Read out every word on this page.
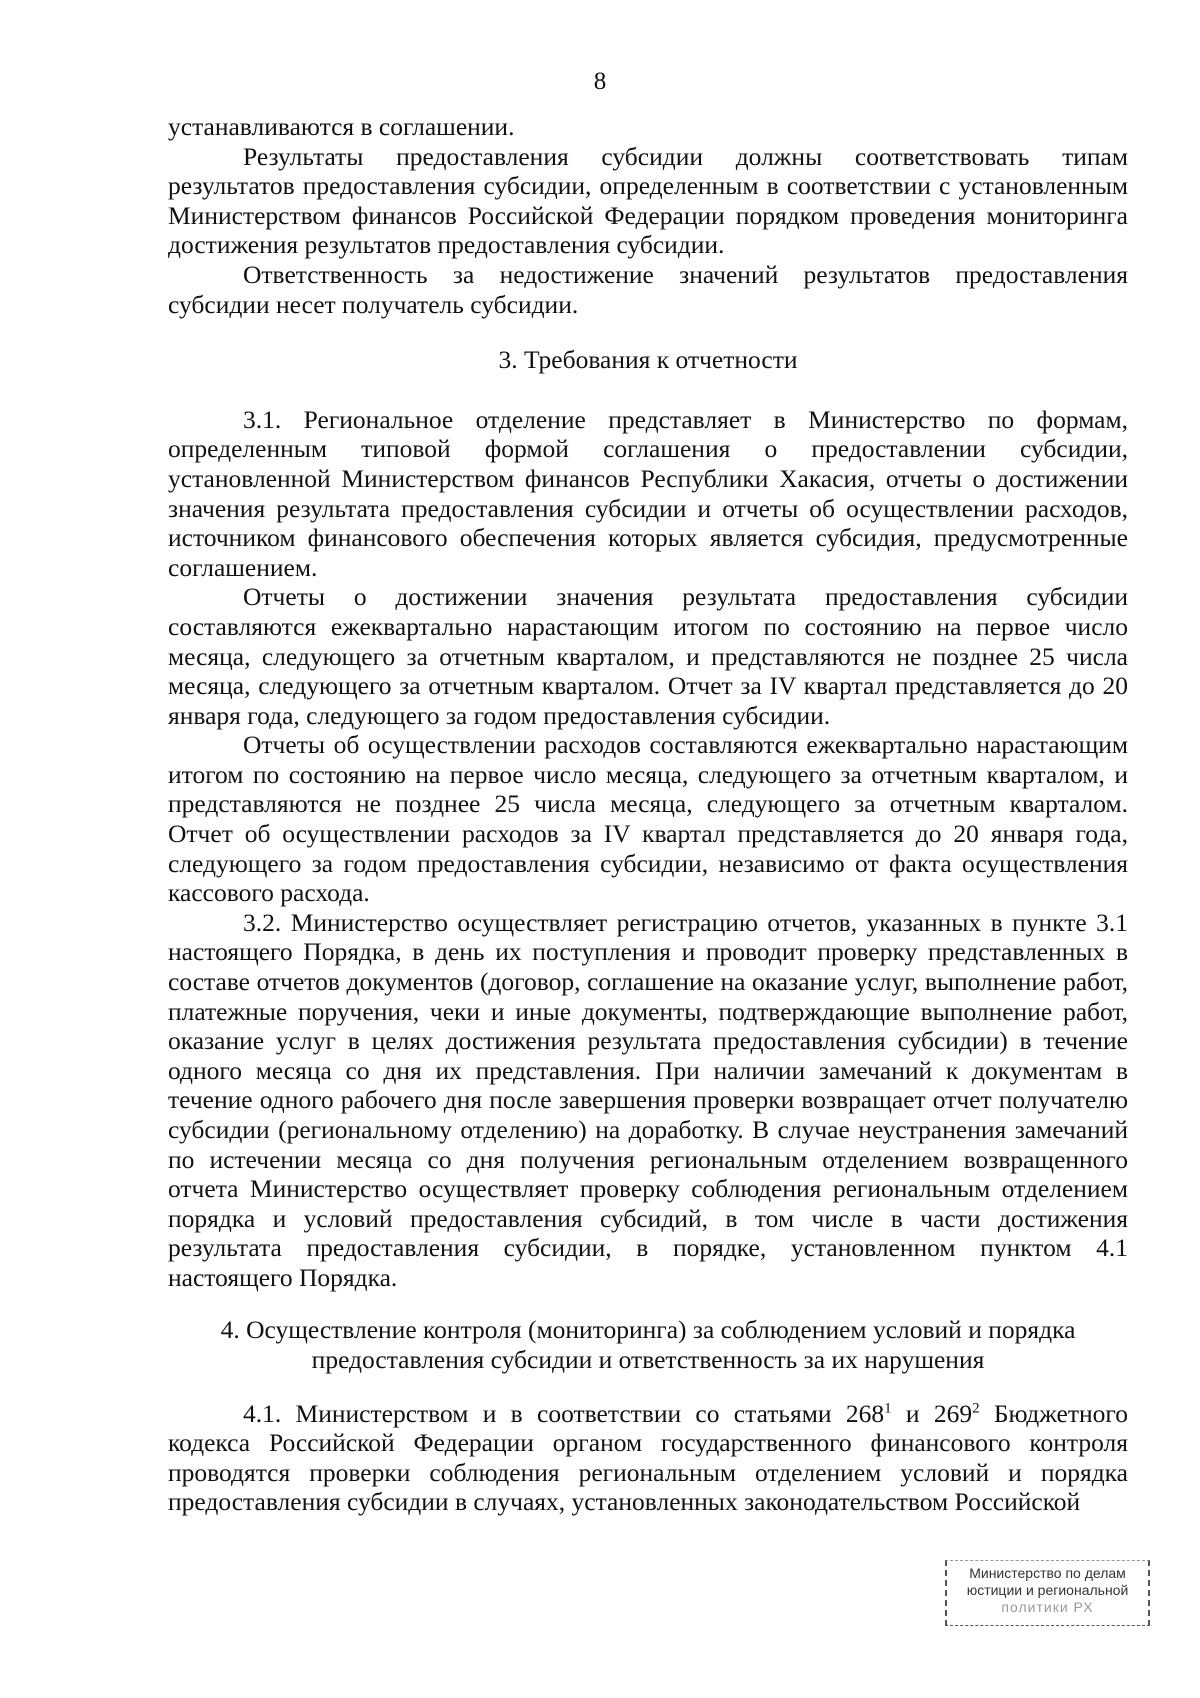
8

устанавливаются в соглашении.

Результаты предоставления субсидии должны соответствовать типам результатов предоставления субсидии, определенным в соответствии с установленным Министерством финансов Российской Федерации порядком проведения мониторинга достижения результатов предоставления субсидии.

Ответственность за недостижение значений результатов предоставления субсидии несет получатель субсидии.

3. Требования к отчетности

3.1. Региональное отделение представляет в Министерство по формам, определенным типовой формой соглашения о предоставлении субсидии, установленной Министерством финансов Республики Хакасия, отчеты о достижении значения результата предоставления субсидии и отчеты об осуществлении расходов, источником финансового обеспечения которых является субсидия, предусмотренные соглашением.

Отчеты о достижении значения результата предоставления субсидии составляются ежеквартально нарастающим итогом по состоянию на первое число месяца, следующего за отчетным кварталом, и представляются не позднее 25 числа месяца, следующего за отчетным кварталом. Отчет за IV квартал представляется до 20 января года, следующего за годом предоставления субсидии.

Отчеты об осуществлении расходов составляются ежеквартально нарастающим итогом по состоянию на первое число месяца, следующего за отчетным кварталом, и представляются не позднее 25 числа месяца, следующего за отчетным кварталом. Отчет об осуществлении расходов за IV квартал представляется до 20 января года, следующего за годом предоставления субсидии, независимо от факта осуществления кассового расхода.

3.2. Министерство осуществляет регистрацию отчетов, указанных в пункте 3.1 настоящего Порядка, в день их поступления и проводит проверку представленных в составе отчетов документов (договор, соглашение на оказание услуг, выполнение работ, платежные поручения, чеки и иные документы, подтверждающие выполнение работ, оказание услуг в целях достижения результата предоставления субсидии) в течение одного месяца со дня их представления. При наличии замечаний к документам в течение одного рабочего дня после завершения проверки возвращает отчет получателю субсидии (региональному отделению) на доработку. В случае неустранения замечаний по истечении месяца со дня получения региональным отделением возвращенного отчета Министерство осуществляет проверку соблюдения региональным отделением порядка и условий предоставления субсидий, в том числе в части достижения результата предоставления субсидии, в порядке, установленном пунктом 4.1 настоящего Порядка.

4. Осуществление контроля (мониторинга) за соблюдением условий и порядка
предоставления субсидии и ответственность за их нарушения

4.1. Министерством и в соответствии со статьями $268^1$ и $269^2$ Бюджетного кодекса Российской Федерации органом государственного финансового контроля проводятся проверки соблюдения региональным отделением условий и порядка предоставления субсидии в случаях, установленных законодательством Российской

Министерство по делам
юстиции и региональной
политики РХ
